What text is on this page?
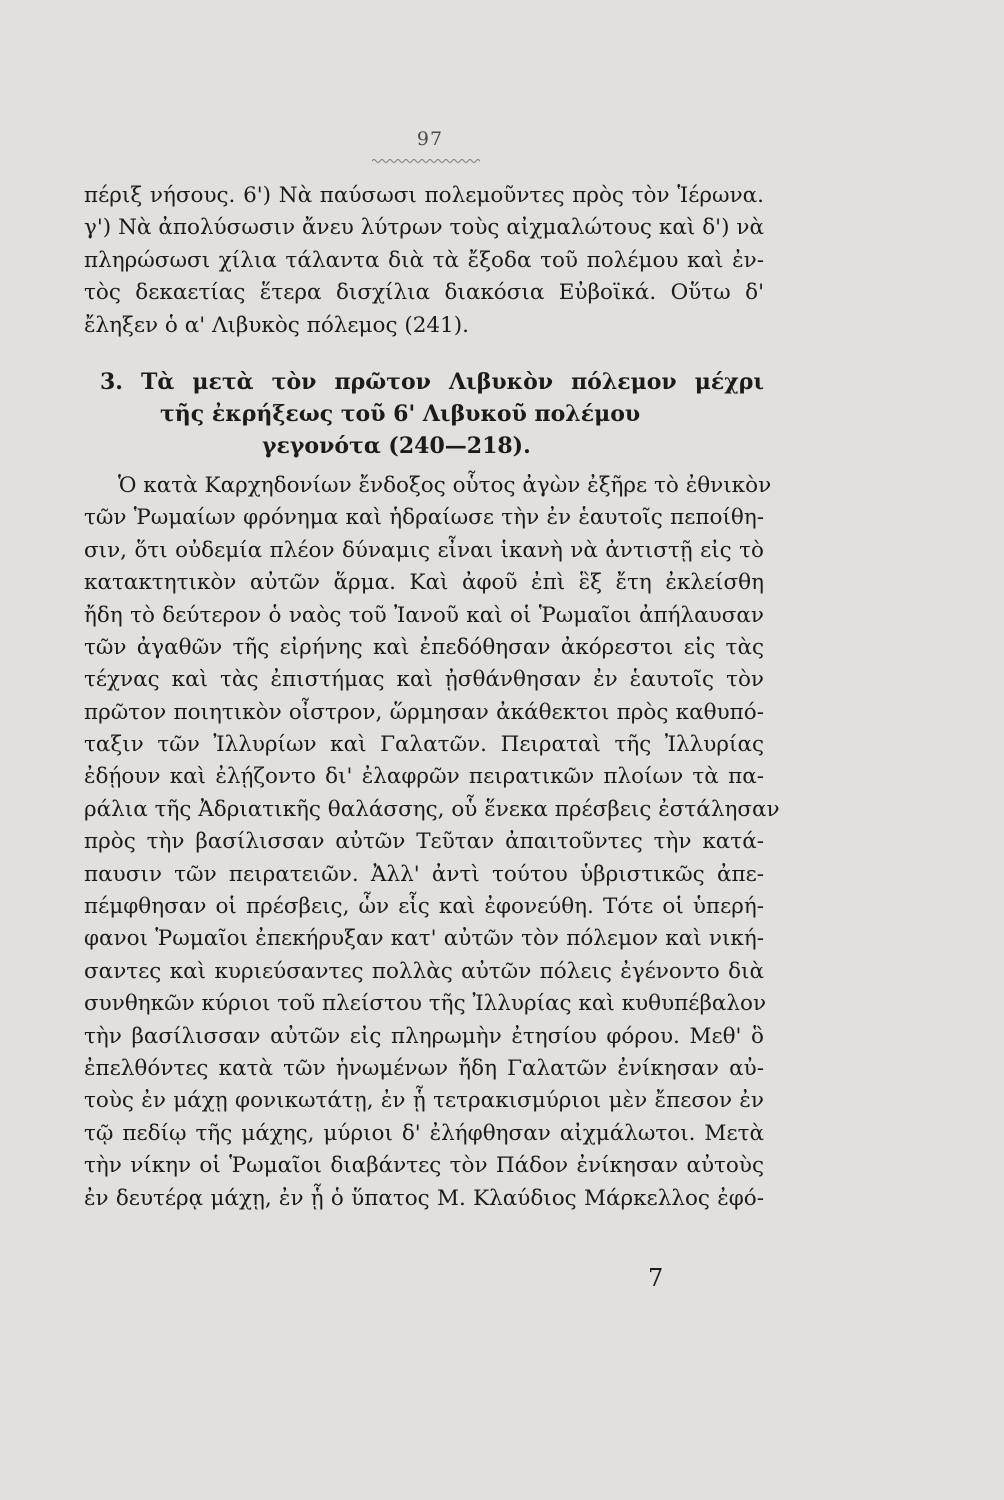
97
πέριξ νήσους. 6') Νὰ παύσωσι πολεμοῦντες πρὸς τὸν Ἱέρωνα.
γ') Νὰ ἀπολύσωσιν ἄνευ λύτρων τοὺς αἰχμαλώτους καὶ δ') νὰ
πληρώσωσι χίλια τάλαντα διὰ τὰ ἔξοδα τοῦ πολέμου καὶ ἐν-
τὸς δεκαετίας ἕτερα δισχίλια διακόσια Εὐβοϊκά. Οὕτω δ'
ἔληξεν ὁ α' Λιβυκὸς πόλεμος (241).
3. Τὰ μετὰ τὸν πρῶτον Λιβυκὸν πόλεμον μέχρι
τῆς ἐκρήξεως τοῦ 6' Λιβυκοῦ πολέμου
γεγονότα (240—218).
Ὁ κατὰ Καρχηδονίων ἔνδοξος οὗτος ἀγὼν ἐξῆρε τὸ ἐθνικὸν
τῶν Ῥωμαίων φρόνημα καὶ ἡδραίωσε τὴν ἐν ἑαυτοῖς πεποίθη-
σιν, ὅτι οὐδεμία πλέον δύναμις εἶναι ἱκανὴ νὰ ἀντιστῇ εἰς τὸ
κατακτητικὸν αὐτῶν ἅρμα. Καὶ ἀφοῦ ἐπὶ ἓξ ἔτη ἐκλείσθη
ἤδη τὸ δεύτερον ὁ ναὸς τοῦ Ἰανοῦ καὶ οἱ Ῥωμαῖοι ἀπήλαυσαν
τῶν ἀγαθῶν τῆς εἰρήνης καὶ ἐπεδόθησαν ἀκόρεστοι εἰς τὰς
τέχνας καὶ τὰς ἐπιστήμας καὶ ᾐσθάνθησαν ἐν ἑαυτοῖς τὸν
πρῶτον ποιητικὸν οἶστρον, ὥρμησαν ἀκάθεκτοι πρὸς καθυπό-
ταξιν τῶν Ἰλλυρίων καὶ Γαλατῶν. Πειραταὶ τῆς Ἰλλυρίας
ἐδῄουν καὶ ἐλῄζοντο δι' ἐλαφρῶν πειρατικῶν πλοίων τὰ πα-
ράλια τῆς Ἀδριατικῆς θαλάσσης, οὗ ἕνεκα πρέσβεις ἐστάλησαν
πρὸς τὴν βασίλισσαν αὐτῶν Τεῦταν ἀπαιτοῦντες τὴν κατά-
παυσιν τῶν πειρατειῶν. Ἀλλ' ἀντὶ τούτου ὑβριστικῶς ἀπε-
πέμφθησαν οἱ πρέσβεις, ὧν εἷς καὶ ἐφονεύθη. Τότε οἱ ὑπερή-
φανοι Ῥωμαῖοι ἐπεκήρυξαν κατ' αὐτῶν τὸν πόλεμον καὶ νική-
σαντες καὶ κυριεύσαντες πολλὰς αὐτῶν πόλεις ἐγένοντο διὰ
συνθηκῶν κύριοι τοῦ πλείστου τῆς Ἰλλυρίας καὶ κυθυπέβαλον
τὴν βασίλισσαν αὐτῶν εἰς πληρωμὴν ἐτησίου φόρου. Μεθ' ὃ
ἐπελθόντες κατὰ τῶν ἡνωμένων ἤδη Γαλατῶν ἐνίκησαν αὐ-
τοὺς ἐν μάχῃ φονικωτάτῃ, ἐν ᾗ τετρακισμύριοι μὲν ἔπεσον ἐν
τῷ πεδίῳ τῆς μάχης, μύριοι δ' ἐλήφθησαν αἰχμάλωτοι. Μετὰ
τὴν νίκην οἱ Ῥωμαῖοι διαβάντες τὸν Πάδον ἐνίκησαν αὐτοὺς
ἐν δευτέρᾳ μάχῃ, ἐν ᾗ ὁ ὕπατος Μ. Κλαύδιος Μάρκελλος ἐφό-
7
